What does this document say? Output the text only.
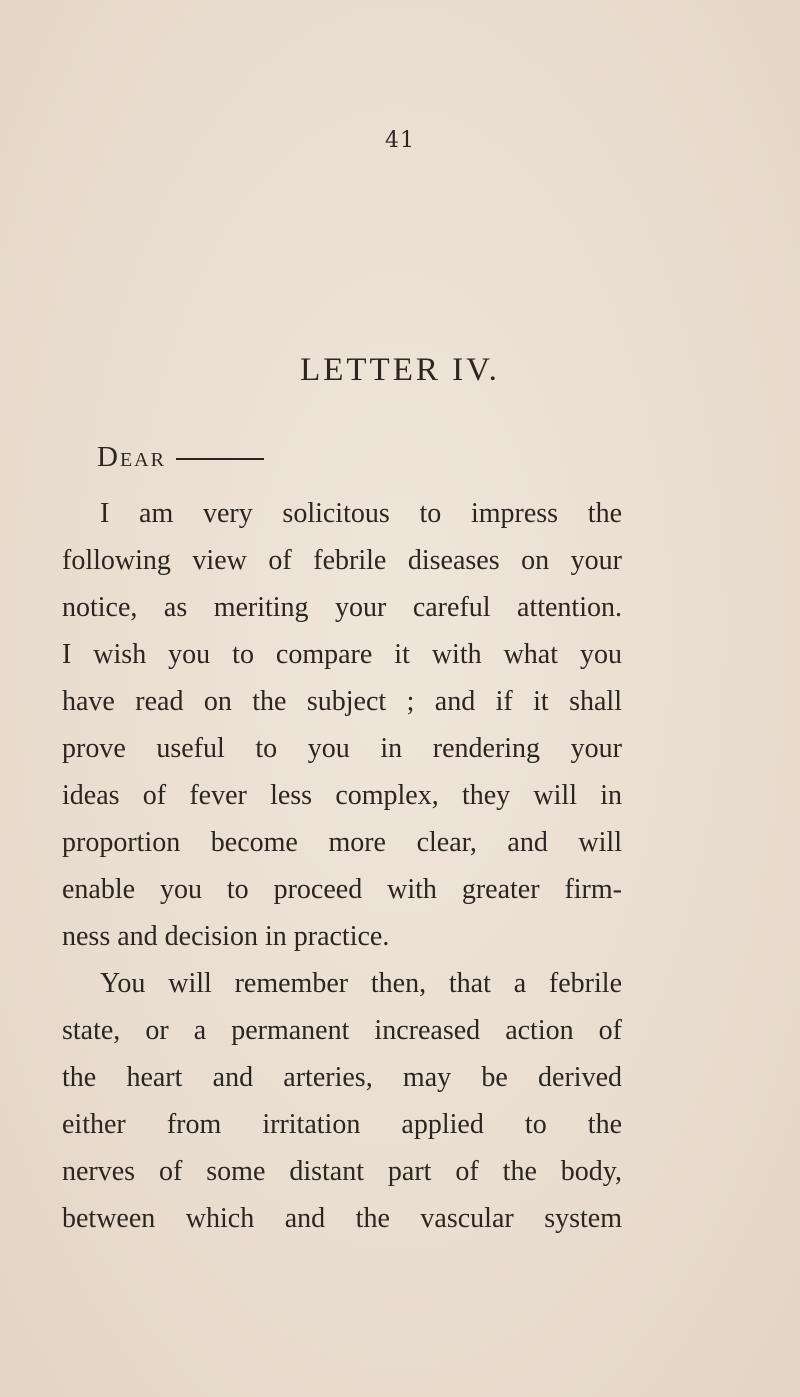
41
LETTER IV.
Dear
I am very solicitous to impress the
following view of febrile diseases on your
notice, as meriting your careful attention.
I wish you to compare it with what you
have read on the subject ; and if it shall
prove useful to you in rendering your
ideas of fever less complex, they will in
proportion become more clear, and will
enable you to proceed with greater firm-
ness and decision in practice.
You will remember then, that a febrile
state, or a permanent increased action of
the heart and arteries, may be derived
either from irritation applied to the
nerves of some distant part of the body,
between which and the vascular system
